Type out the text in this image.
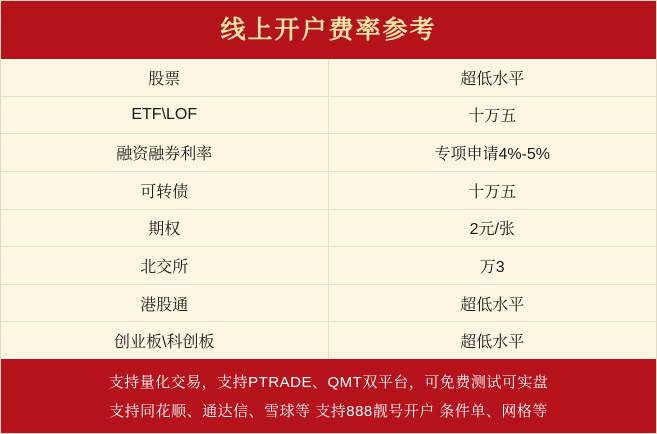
线上开户费率参考
股票	超低水平
ETF\LOF	十万五
融资融券利率	专项申请4%-5%
可转债	十万五
期权	2元/张
北交所	万3
港股通	超低水平
创业板\科创板	超低水平
支持量化交易，支持PTRADE、QMT双平台，可免费测试可实盘
支持同花顺、通达信、雪球等 支持888靓号开户 条件单、网格等
